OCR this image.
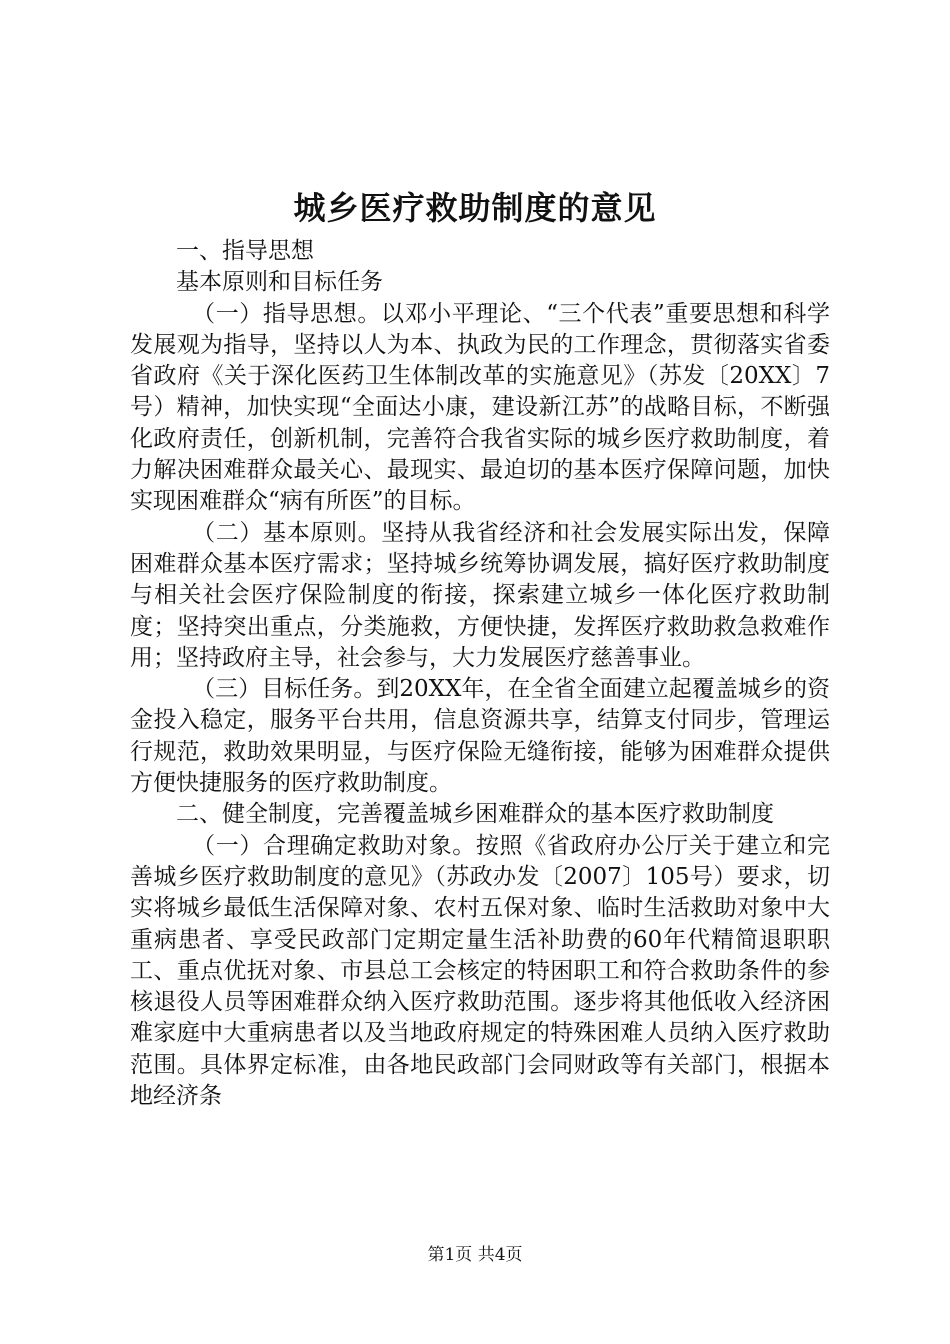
城乡医疗救助制度的意见

一、指导思想

基本原则和目标任务

（一）指导思想。以邓小平理论、“三个代表”重要思想和科学发展观为指导，坚持以人为本、执政为民的工作理念，贯彻落实省委省政府《关于深化医药卫生体制改革的实施意见》（苏发〔20XX〕7号）精神，加快实现“全面达小康，建设新江苏”的战略目标，不断强化政府责任，创新机制，完善符合我省实际的城乡医疗救助制度，着力解决困难群众最关心、最现实、最迫切的基本医疗保障问题，加快实现困难群众“病有所医”的目标。

（二）基本原则。坚持从我省经济和社会发展实际出发，保障困难群众基本医疗需求；坚持城乡统筹协调发展，搞好医疗救助制度与相关社会医疗保险制度的衔接，探索建立城乡一体化医疗救助制度；坚持突出重点，分类施救，方便快捷，发挥医疗救助救急救难作用；坚持政府主导，社会参与，大力发展医疗慈善事业。

（三）目标任务。到20XX年，在全省全面建立起覆盖城乡的资金投入稳定，服务平台共用，信息资源共享，结算支付同步，管理运行规范，救助效果明显，与医疗保险无缝衔接，能够为困难群众提供方便快捷服务的医疗救助制度。

二、健全制度，完善覆盖城乡困难群众的基本医疗救助制度

（一）合理确定救助对象。按照《省政府办公厅关于建立和完善城乡医疗救助制度的意见》（苏政办发〔2007〕105号）要求，切实将城乡最低生活保障对象、农村五保对象、临时生活救助对象中大重病患者、享受民政部门定期定量生活补助费的60年代精简退职职工、重点优抚对象、市县总工会核定的特困职工和符合救助条件的参核退役人员等困难群众纳入医疗救助范围。逐步将其他低收入经济困难家庭中大重病患者以及当地政府规定的特殊困难人员纳入医疗救助范围。具体界定标准，由各地民政部门会同财政等有关部门，根据本地经济条

第1页 共4页
